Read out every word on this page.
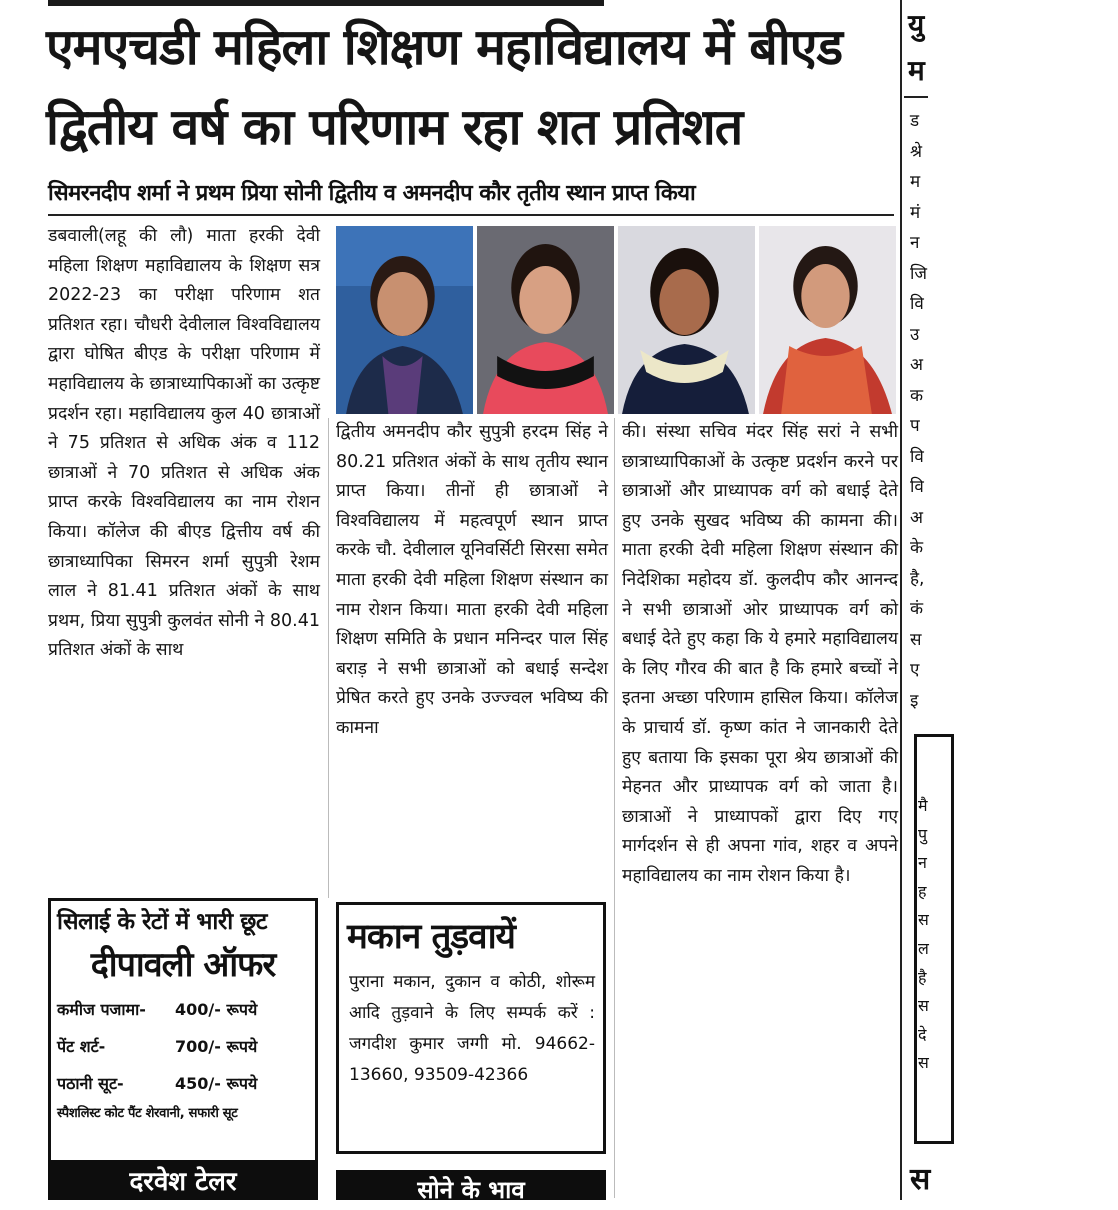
एमएचडी महिला शिक्षण महाविद्यालय में बीएड
द्वितीय वर्ष का परिणाम रहा शत प्रतिशत
सिमरनदीप शर्मा ने प्रथम प्रिया सोनी द्वितीय व अमनदीप कौर तृतीय स्थान प्राप्त किया
डबवाली(लहू की लौ) माता हरकी देवी महिला शिक्षण महाविद्यालय के शिक्षण सत्र 2022-23 का परीक्षा परिणाम शत प्रतिशत रहा। चौधरी देवीलाल विश्वविद्यालय द्वारा घोषित बीएड के परीक्षा परिणाम में महाविद्यालय के छात्राध्यापिकाओं का उत्कृष्ट प्रदर्शन रहा। महाविद्यालय कुल 40 छात्राओं ने 75 प्रतिशत से अधिक अंक व 112 छात्राओं ने 70 प्रतिशत से अधिक अंक प्राप्त करके विश्वविद्यालय का नाम रोशन किया। कॉलेज की बीएड द्वित्तीय वर्ष की छात्राध्यापिका सिमरन शर्मा सुपुत्री रेशम लाल ने 81.41 प्रतिशत अंकों के साथ प्रथम, प्रिया सुपुत्री कुलवंत सोनी ने 80.41 प्रतिशत अंकों के साथ
द्वितीय अमनदीप कौर सुपुत्री हरदम सिंह ने 80.21 प्रतिशत अंकों के साथ तृतीय स्थान प्राप्त किया। तीनों ही छात्राओं ने विश्वविद्यालय में महत्वपूर्ण स्थान प्राप्त करके चौ. देवीलाल यूनिवर्सिटी सिरसा समेत माता हरकी देवी महिला शिक्षण संस्थान का नाम रोशन किया। माता हरकी देवी महिला शिक्षण समिति के प्रधान मनिन्दर पाल सिंह बराड़ ने सभी छात्राओं को बधाई सन्देश प्रेषित करते हुए उनके उज्ज्वल भविष्य की कामना
की। संस्था सचिव मंदर सिंह सरां ने सभी छात्राध्यापिकाओं के उत्कृष्ट प्रदर्शन करने पर छात्राओं और प्राध्यापक वर्ग को बधाई देते हुए उनके सुखद भविष्य की कामना की। माता हरकी देवी महिला शिक्षण संस्थान की निदेशिका महोदय डॉ. कुलदीप कौर आनन्द ने सभी छात्राओं ओर प्राध्यापक वर्ग को बधाई देते हुए कहा कि ये हमारे महाविद्यालय के लिए गौरव की बात है कि हमारे बच्चों ने इतना अच्छा परिणाम हासिल किया। कॉलेज के प्राचार्य डॉ. कृष्ण कांत ने जानकारी देते हुए बताया कि इसका पूरा श्रेय छात्राओं की मेहनत और प्राध्यापक वर्ग को जाता है। छात्राओं ने प्राध्यापकों द्वारा दिए गए मार्गदर्शन से ही अपना गांव, शहर व अपने महाविद्यालय का नाम रोशन किया है।
सिलाई के रेटों में भारी छूट
दीपावली ऑफर
कमीज पजामा-	400/- रूपये
पेंट शर्ट-	700/- रूपये
पठानी सूट-	450/- रूपये
स्पैशलिस्ट कोट पैंट शेरवानी, सफारी सूट
दरवेश टेलर
मकान तुड़वायें
पुराना मकान, दुकान व कोठी, शोरूम आदि तुड़वाने के लिए सम्पर्क करें : जगदीश कुमार जग्गी मो. 94662-13660, 93509-42366
सोने के भाव
यु
म
ड
श्रे
म
मं
न
जि
वि
उ
अ
क
प
वि
वि
अ
के
है,
कं
स
ए
इ
मै
पु
न
ह
स
ल
है
स
दे
स
स
